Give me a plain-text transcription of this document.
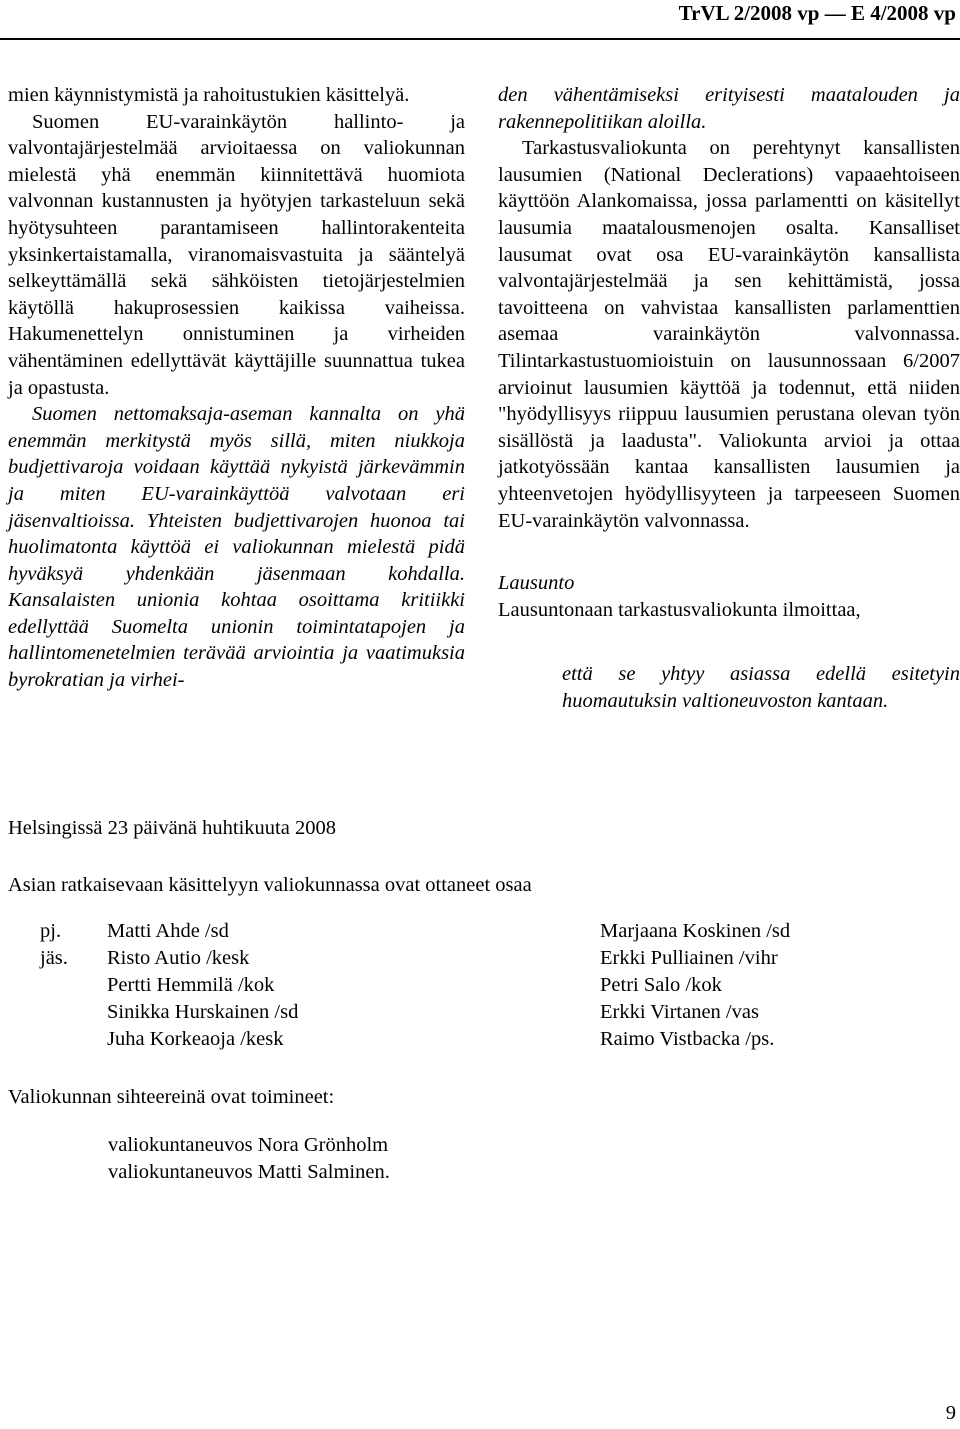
TrVL 2/2008 vp — E 4/2008 vp

mien käynnistymistä ja rahoitustukien käsittelyä.

Suomen EU-varainkäytön hallinto- ja valvontajärjestelmää arvioitaessa on valiokunnan mielestä yhä enemmän kiinnitettävä huomiota valvonnan kustannusten ja hyötyjen tarkasteluun sekä hyötysuhteen parantamiseen hallintorakenteita yksinkertaistamalla, viranomaisvastuita ja sääntelyä selkeyttämällä sekä sähköisten tietojärjestelmien käytöllä hakuprosessien kaikissa vaiheissa. Hakumenettelyn onnistuminen ja virheiden vähentäminen edellyttävät käyttäjille suunnattua tukea ja opastusta.

Suomen nettomaksaja-aseman kannalta on yhä enemmän merkitystä myös sillä, miten niukkoja budjettivaroja voidaan käyttää nykyistä järkevämmin ja miten EU-varainkäyttöä valvotaan eri jäsenvaltioissa. Yhteisten budjettivarojen huonoa tai huolimatonta käyttöä ei valiokunnan mielestä pidä hyväksyä yhdenkään jäsenmaan kohdalla. Kansalaisten unionia kohtaa osoittama kritiikki edellyttää Suomelta unionin toimintatapojen ja hallintomenetelmien terävää arviointia ja vaatimuksia byrokratian ja virhei-

den vähentämiseksi erityisesti maatalouden ja rakennepolitiikan aloilla.

Tarkastusvaliokunta on perehtynyt kansallisten lausumien (National Declerations) vapaaehtoiseen käyttöön Alankomaissa, jossa parlamentti on käsitellyt lausumia maatalousmenojen osalta. Kansalliset lausumat ovat osa EU-varainkäytön kansallista valvontajärjestelmää ja sen kehittämistä, jossa tavoitteena on vahvistaa kansallisten parlamenttien asemaa varainkäytön valvonnassa. Tilintarkastustuomioistuin on lausunnossaan 6/2007 arvioinut lausumien käyttöä ja todennut, että niiden "hyödyllisyys riippuu lausumien perustana olevan työn sisällöstä ja laadusta". Valiokunta arvioi ja ottaa jatkotyössään kantaa kansallisten lausumien ja yhteenvetojen hyödyllisyyteen ja tarpeeseen Suomen EU-varainkäytön valvonnassa.

Lausunto

Lausuntonaan tarkastusvaliokunta ilmoittaa,

että se yhtyy asiassa edellä esitetyin huomautuksin valtioneuvoston kantaan.

Helsingissä 23 päivänä huhtikuuta 2008
Asian ratkaisevaan käsittelyyn valiokunnassa ovat ottaneet osaa
pj. Matti Ahde /sd
jäs. Risto Autio /kesk
Pertti Hemmilä /kok
Sinikka Hurskainen /sd
Juha Korkeaoja /kesk
Marjaana Koskinen /sd
Erkki Pulliainen /vihr
Petri Salo /kok
Erkki Virtanen /vas
Raimo Vistbacka /ps.
Valiokunnan sihteereinä ovat toimineet:
valiokuntaneuvos Nora Grönholm
valiokuntaneuvos Matti Salminen.
9
